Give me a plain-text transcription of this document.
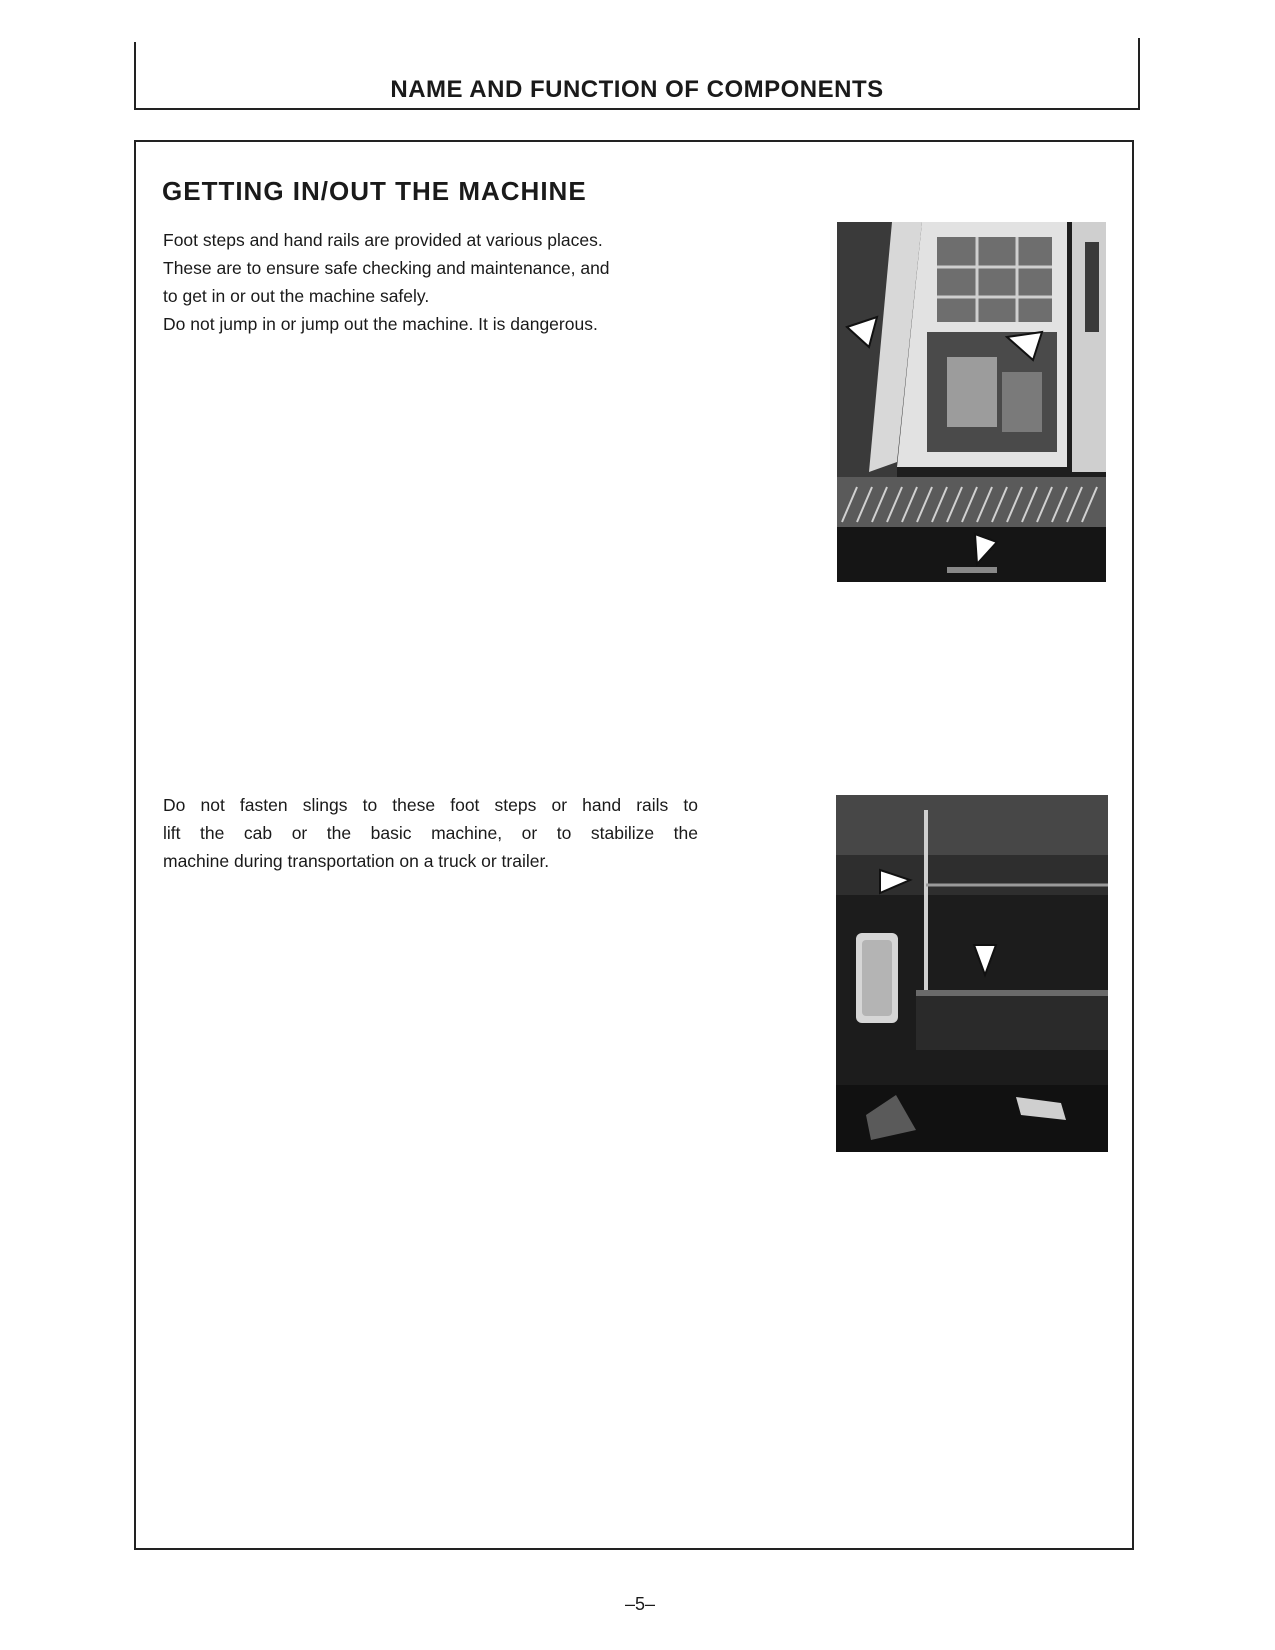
NAME AND FUNCTION OF COMPONENTS
GETTING IN/OUT THE MACHINE

Foot steps and hand rails are provided at various places.
These are to ensure safe checking and maintenance, and
to get in or out the machine safely.
Do not jump in or jump out the machine. It is dangerous.

Do not fasten slings to these foot steps or hand rails to
lift the cab or the basic machine, or to stabilize the
machine during transportation on a truck or trailer.

–5–
